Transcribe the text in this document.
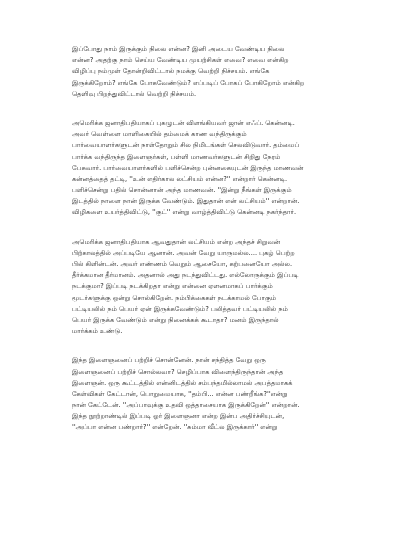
இப்போது நாம் இருக்கும் நிலை என்ன? இனி அடைய வேண்டிய நிலை
என்ன? அதற்கு நாம் செய்ய வேண்டிய முயற்சிகள் எவை? எவை என்கிற
விழிப்பு நம்முள் தோன்றிவிட்டால் நமக்கு வெற்றி நிச்சயம். எங்கே
இருக்கிறோம்? எங்கே போகவேண்டும்? எப்படிப் போகப் போகிறோம் என்கிற
தெளிவு பிறந்துவிட்டால் வெற்றி நிச்சயம்.
அமெரிக்க ஜனாதிபதியாகப் புகழுடன் விளங்கியவர் ஜான் எஃப். கென்னடி.
அவர் வெள்ளை மாளிகையில் தம்மைக் காண வந்திருக்கும்
பார்வையாளர்களுடன் நாள்தோறும் சில நிமிடங்கள் செலவிடுவார். தம்மைப்
பார்க்க வந்திருந்த இளைஞர்கள், பள்ளி மாணவர்களுடன் சிறிது நேரம்
பேசுவார். பார்வையாளர்களில் பளிச்சென்ற புன்னகையுடன் இருந்த மாணவன்
கன்னத்தைத் தட்டி, ''உன் எதிர்கால லட்சியம் என்ன?'' என்றார் கென்னடி.
பளிச்சென்று பதில் சொன்னான் அந்த மாணவன். ''இன்று நீங்கள் இருக்கும்
இடத்தில் நாளை நான் இருக்க வேண்டும். இதுதான் என் லட்சியம்'' என்றான்.
விழிகளை உயர்த்திவிட்டு, ''குட்'' என்று வாழ்த்திவிட்டு கென்னடி நகர்ந்தார்.
அமெரிக்க ஜனாதிபதியாக ஆவதுதான் லட்சியம் என்ற அந்தச் சிறுவன்
பிற்காலத்தில் அப்படியே ஆனான். அவன் வேறு யாருமல்ல.... புகழ் பெற்ற
பில் கிளின்டன். அவர் எண்ணம் வெறும் ஆசையோ, கற்பனையோ அல்ல.
தீர்க்கமான தீர்மானம். அதனால் அது நடந்துவிட்டது. எல்லோருக்கும் இப்படி
நடக்குமா? இப்படி நடக்கிறதா என்று என்னை ஏளனமாகப் பார்க்கும்
மூடர்களுக்கு ஒன்று சொல்கிறேன். நம்பிக்கைகள் நடக்காமல் போகும்
பட்டியலில் நம் பெயர் ஏன் இருக்கவேண்டும்? பலித்தவர் பட்டியலில் நம்
பெயர் இருக்க வேண்டும் என்று நினைக்கக் கூடாதா? மனம் இருந்தால்
மார்க்கம் உண்டு.
இந்த இளைஞனைப் பற்றிச் சொன்னேன். நான் சந்தித்த வேறு ஒரு
இளைஞனைப் பற்றிச் சொல்லவா? செழிப்பாக விளைந்திருந்தான் அந்த
இளைஞன். ஒரு கூட்டத்தில் என்னிடத்தில் சம்பந்தமில்லாமல் அபத்தமாகக்
கேள்விகள் கேட்டான், பொறுமையாக, ''தம்பி... என்ன பண்றீங்க?''என்று
நான் கேட்டேன். ''அப்பாவுக்கு உதவி ஒத்தாசையாக இருக்கிறேன்'' என்றான்.
இந்த நூற்றாண்டில் இப்படி ஓர் இளைஞனா என்ற இன்ப அதிர்ச்சியுடன்,
''அப்பா என்ன பண்றார்?'' என்றேன். ''சும்மா வீட்ல இருக்கார்'' என்று
